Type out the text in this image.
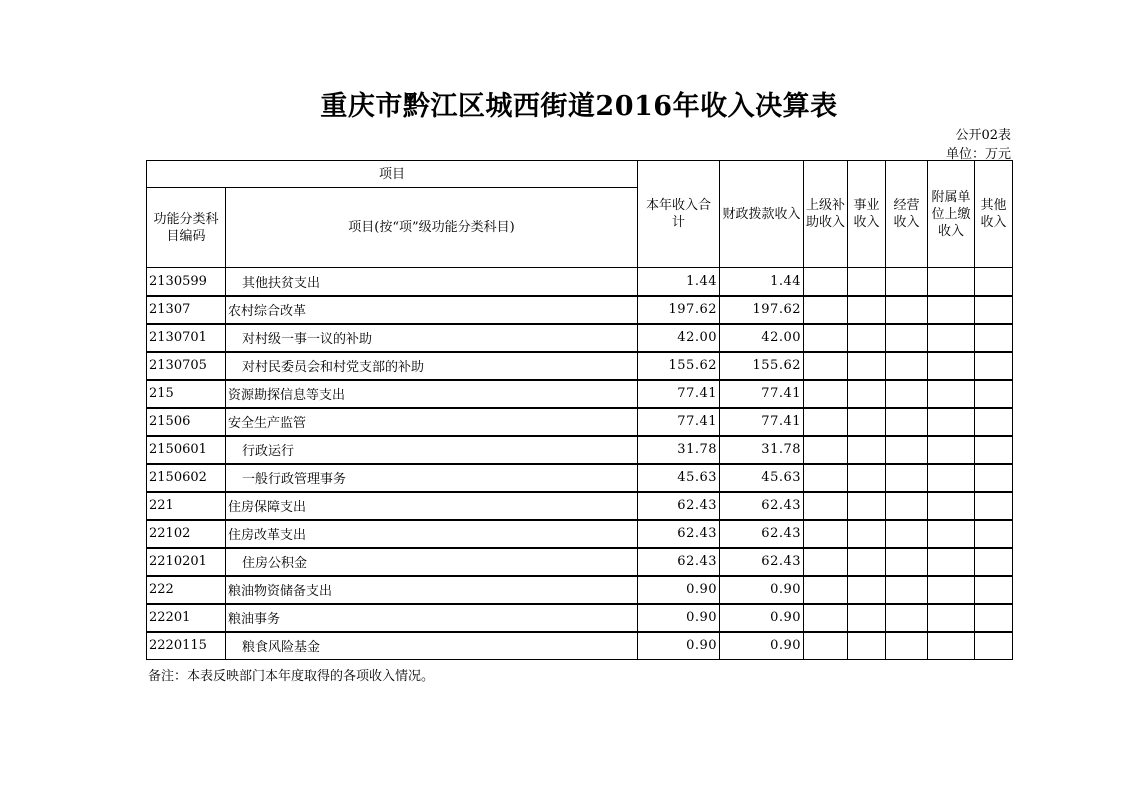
重庆市黔江区城西街道2016年收入决算表
公开02表
单位：万元
项目		本年收入合计	财政拨款收入	上级补助收入	事业收入	经营收入	附属单位上缴收入	其他收入
功能分类科目编码	项目(按“项”级功能分类科目)							
2130599	其他扶贫支出	1.44	1.44					
21307	农村综合改革	197.62	197.62					
2130701	对村级一事一议的补助	42.00	42.00					
2130705	对村民委员会和村党支部的补助	155.62	155.62					
215	资源勘探信息等支出	77.41	77.41					
21506	安全生产监管	77.41	77.41					
2150601	行政运行	31.78	31.78					
2150602	一般行政管理事务	45.63	45.63					
221	住房保障支出	62.43	62.43					
22102	住房改革支出	62.43	62.43					
2210201	住房公积金	62.43	62.43					
222	粮油物资储备支出	0.90	0.90					
22201	粮油事务	0.90	0.90					
2220115	粮食风险基金	0.90	0.90					
备注：本表反映部门本年度取得的各项收入情况。
